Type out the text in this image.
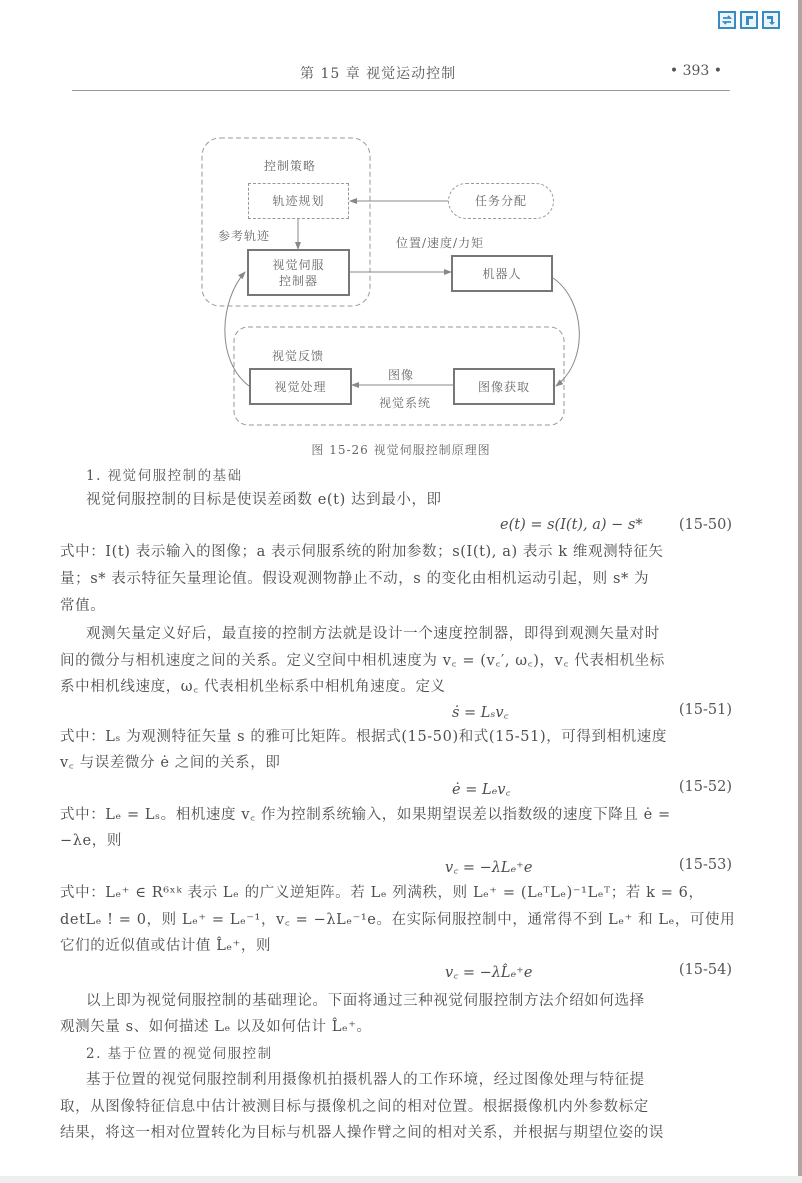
第 15 章 视觉运动控制	• 393 •
控制策略
轨迹规划	任务分配
参考轨迹	位置/速度/力矩
视觉伺服
控制器	机器人
视觉反馈
视觉处理
图像
图像获取
视觉系统
图 15-26 视觉伺服控制原理图
1. 视觉伺服控制的基础
视觉伺服控制的目标是使误差函数 e(t) 达到最小，即
e(t) = s(I(t), a) − s* (15-50)
式中：I(t) 表示输入的图像；a 表示伺服系统的附加参数；s(I(t), a) 表示 k 维观测特征矢
量；s* 表示特征矢量理论值。假设观测物静止不动，s 的变化由相机运动引起，则 s* 为
常值。
观测矢量定义好后，最直接的控制方法就是设计一个速度控制器，即得到观测矢量对时
间的微分与相机速度之间的关系。定义空间中相机速度为 v꜀ = (v꜀′, ω꜀)，v꜀ 代表相机坐标
系中相机线速度，ω꜀ 代表相机坐标系中相机角速度。定义
ṡ = Lₛv꜀	(15-51)
式中：Lₛ 为观测特征矢量 s 的雅可比矩阵。根据式(15-50)和式(15-51)，可得到相机速度
v꜀ 与误差微分 ė 之间的关系，即
ė = Lₑv꜀	(15-52)
式中：Lₑ = Lₛ。相机速度 v꜀ 作为控制系统输入，如果期望误差以指数级的速度下降且 ė =
−λe，则
v꜀ = −λLₑ⁺e	(15-53)
式中：Lₑ⁺ ∈ R⁶ˣᵏ 表示 Lₑ 的广义逆矩阵。若 Lₑ 列满秩，则 Lₑ⁺ = (LₑᵀLₑ)⁻¹Lₑᵀ；若 k = 6，
detLₑ ! = 0，则 Lₑ⁺ = Lₑ⁻¹，v꜀ = −λLₑ⁻¹e。在实际伺服控制中，通常得不到 Lₑ⁺ 和 Lₑ，可使用
它们的近似值或估计值 L̂ₑ⁺，则
v꜀ = −λL̂ₑ⁺e	(15-54)
以上即为视觉伺服控制的基础理论。下面将通过三种视觉伺服控制方法介绍如何选择
观测矢量 s、如何描述 Lₑ 以及如何估计 L̂ₑ⁺。
2. 基于位置的视觉伺服控制
基于位置的视觉伺服控制利用摄像机拍摄机器人的工作环境，经过图像处理与特征提
取，从图像特征信息中估计被测目标与摄像机之间的相对位置。根据摄像机内外参数标定
结果，将这一相对位置转化为目标与机器人操作臂之间的相对关系，并根据与期望位姿的误
